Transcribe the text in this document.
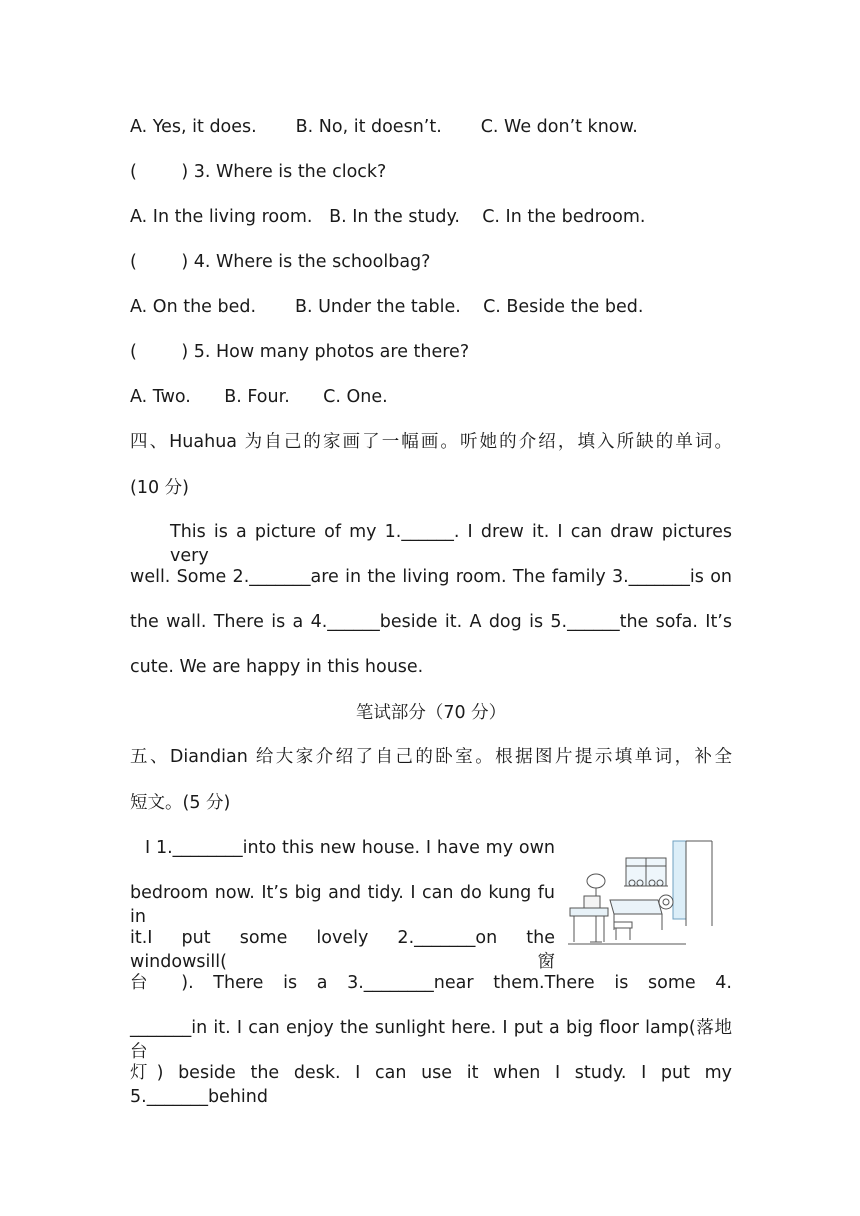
A. Yes, it does.       B. No, it doesn’t.       C. We don’t know.
(        ) 3. Where is the clock?
A. In the living room.   B. In the study.    C. In the bedroom.
(        ) 4. Where is the schoolbag?
A. On the bed.       B. Under the table.    C. Beside the bed.
(        ) 5. How many photos are there?
A. Two.      B. Four.      C. One.
四、Huahua 为自己的家画了一幅画。听她的介绍，填入所缺的单词。
(10 分)
This is a picture of my 1.______. I drew it. I can draw pictures very
well. Some 2._______are in the living room. The family 3._______is on
the wall. There is a 4.______beside it. A dog is 5.______the sofa. It’s
cute. We are happy in this house.
笔试部分（70 分）
五、Diandian 给大家介绍了自己的卧室。根据图片提示填单词，补全
短文。(5 分)
I 1.________into this new house. I have my own
bedroom now. It’s big and tidy. I can do kung fu in
it.I put some lovely 2._______on the windowsill(窗
台 ). There is a 3.________near them.There is some 4.
_______in it. I can enjoy the sunlight here. I put a big floor lamp(落地台
灯) beside the desk. I can use it when I study. I put my 5._______behind
